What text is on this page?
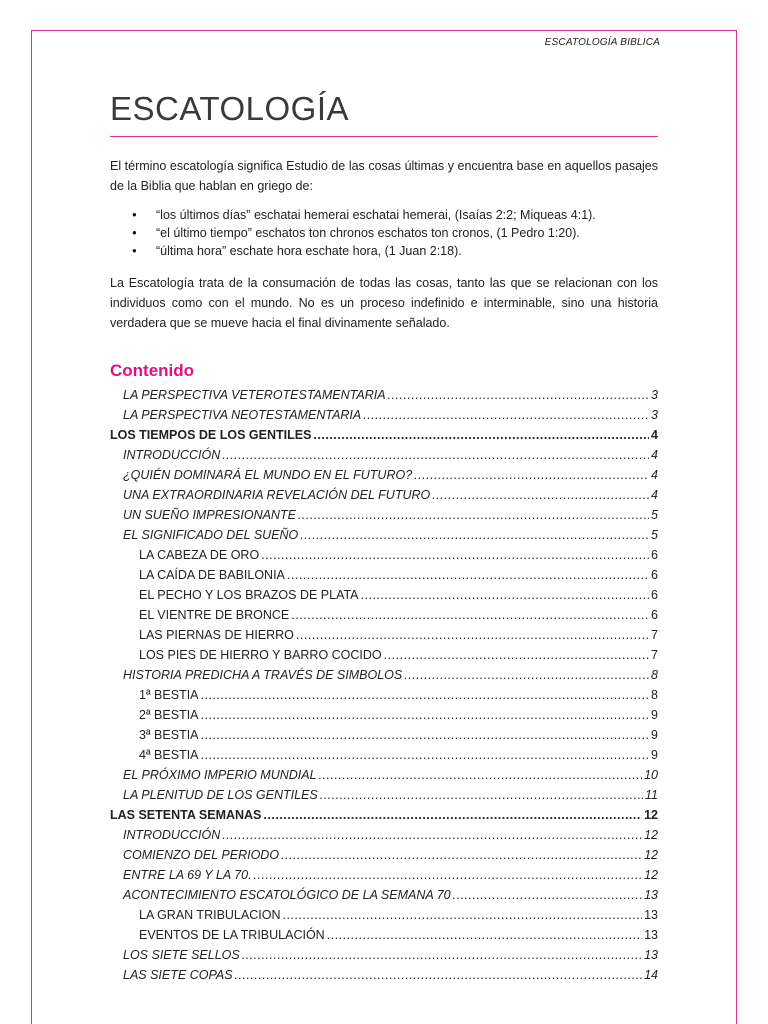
ESCATOLOGÍA BIBLICA
ESCATOLOGÍA

El término escatología significa Estudio de las cosas últimas y encuentra base en aquellos pasajes de la Biblia que hablan en griego de:

● “los últimos días” eschatai hemerai eschatai hemerai, (Isaías 2:2; Miqueas 4:1).
● “el último tiempo” eschatos ton chronos eschatos ton cronos, (1 Pedro 1:20).
● “última hora” eschate hora eschate hora, (1 Juan 2:18).

La Escatología trata de la consumación de todas las cosas, tanto las que se relacionan con los individuos como con el mundo. No es un proceso indefinido e interminable, sino una historia verdadera que se mueve hacia el final divinamente señalado.

Contenido
LA PERSPECTIVA VETEROTESTAMENTARIA .....	3
LA PERSPECTIVA NEOTESTAMENTARIA .....	3
LOS TIEMPOS DE LOS GENTILES .....	4
INTRODUCCIÓN .....	4
¿QUIÉN DOMINARÁ EL MUNDO EN EL FUTURO? .....	4
UNA EXTRAORDINARIA REVELACIÓN DEL FUTURO .....	4
UN SUEÑO IMPRESIONANTE .....	5
EL SIGNIFICADO DEL SUEÑO .....	5
LA CABEZA DE ORO .....	6
LA CAÍDA DE BABILONIA .....	6
EL PECHO Y LOS BRAZOS DE PLATA .....	6
EL VIENTRE DE BRONCE .....	6
LAS PIERNAS DE HIERRO .....	7
LOS PIES DE HIERRO Y BARRO COCIDO .....	7
HISTORIA PREDICHA A TRAVÉS DE SIMBOLOS .....	8
1ª BESTIA .....	8
2ª BESTIA .....	9
3ª BESTIA .....	9
4ª BESTIA .....	9
EL PRÓXIMO IMPERIO MUNDIAL .....	10
LA PLENITUD DE LOS GENTILES .....	11
LAS SETENTA SEMANAS .....	12
INTRODUCCIÓN .....	12
COMIENZO DEL PERIODO .....	12
ENTRE LA 69 Y LA 70. .....	12
ACONTECIMIENTO ESCATOLÓGICO DE LA SEMANA 70 .....	13
LA GRAN TRIBULACION .....	13
EVENTOS DE LA TRIBULACIÓN .....	13
LOS SIETE SELLOS .....	13
LAS SIETE COPAS .....	14
